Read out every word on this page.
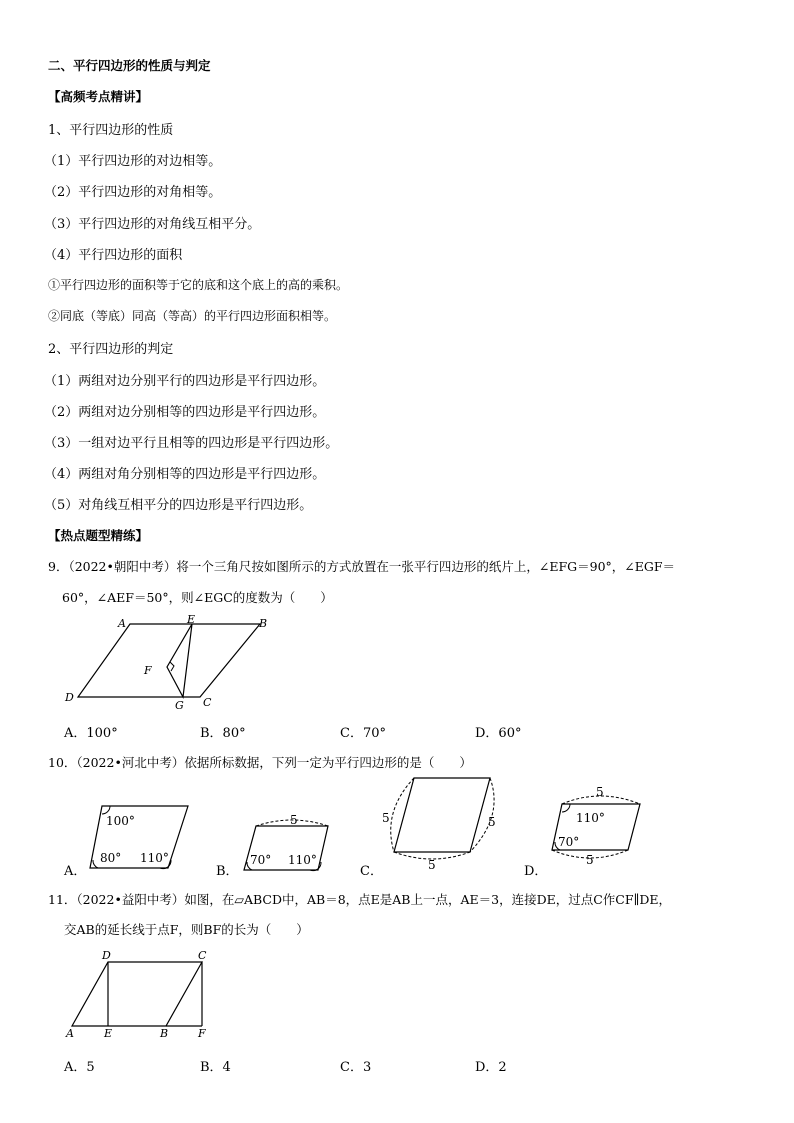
二、平行四边形的性质与判定
【高频考点精讲】
1、平行四边形的性质
（1）平行四边形的对边相等。
（2）平行四边形的对角相等。
（3）平行四边形的对角线互相平分。
（4）平行四边形的面积
①平行四边形的面积等于它的底和这个底上的高的乘积。
②同底（等底）同高（等高）的平行四边形面积相等。
2、平行四边形的判定
（1）两组对边分别平行的四边形是平行四边形。
（2）两组对边分别相等的四边形是平行四边形。
（3）一组对边平行且相等的四边形是平行四边形。
（4）两组对角分别相等的四边形是平行四边形。
（5）对角线互相平分的四边形是平行四边形。
【热点题型精练】
9．（2022•朝阳中考）将一个三角尺按如图所示的方式放置在一张平行四边形的纸片上，∠EFG＝90°，∠EGF＝
60°，∠AEF＝50°，则∠EGC的度数为（　　）
A	E	B
F
D
G C
A．100°	B．80°	C．70°	D．60°
10．（2022•河北中考）依据所标数据，下列一定为平行四边形的是（　　）
A．
100°
80° 110°
B．
5
70° 110°
C．
5	5
5	D．
5
5
110°
70°
11．（2022•益阳中考）如图，在▱ABCD中，AB＝8，点E是AB上一点，AE＝3，连接DE，过点C作CF∥DE，
交AB的延长线于点F，则BF的长为（　　）
D	C
A	E	B	F
A．5	B．4	C．3	D．2
